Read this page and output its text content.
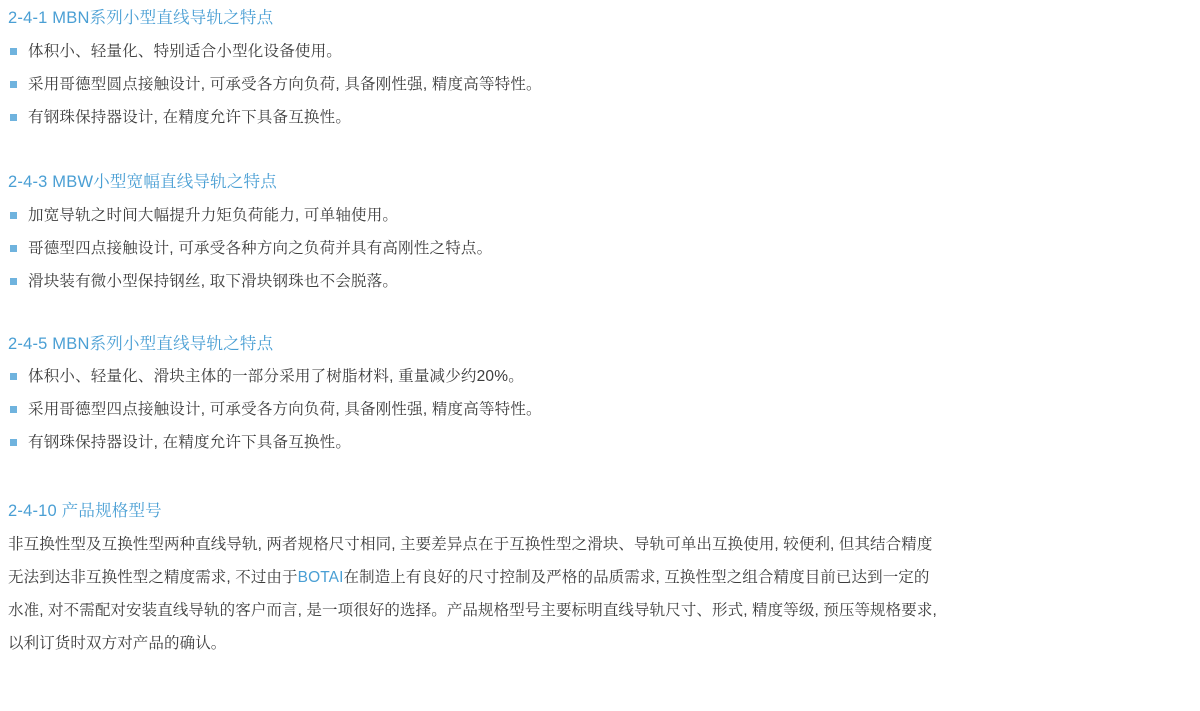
2-4-1 MBN系列小型直线导轨之特点
体积小、轻量化、特别适合小型化设备使用。
采用哥德型圆点接触设计, 可承受各方向负荷, 具备刚性强, 精度高等特性。
有钢珠保持器设计, 在精度允许下具备互换性。
2-4-3 MBW小型宽幅直线导轨之特点
加宽导轨之时间大幅提升力矩负荷能力, 可单轴使用。
哥德型四点接触设计, 可承受各种方向之负荷并具有高刚性之特点。
滑块装有微小型保持钢丝, 取下滑块钢珠也不会脱落。
2-4-5 MBN系列小型直线导轨之特点
体积小、轻量化、滑块主体的一部分采用了树脂材料, 重量减少约20%。
采用哥德型四点接触设计, 可承受各方向负荷, 具备刚性强, 精度高等特性。
有钢珠保持器设计, 在精度允许下具备互换性。
2-4-10 产品规格型号
非互换性型及互换性型两种直线导轨, 两者规格尺寸相同, 主要差异点在于互换性型之滑块、导轨可单出互换使用, 较便利, 但其结合精度
无法到达非互换性型之精度需求, 不过由于BOTAI在制造上有良好的尺寸控制及严格的品质需求, 互换性型之组合精度目前已达到一定的
水准, 对不需配对安装直线导轨的客户而言, 是一项很好的选择。产品规格型号主要标明直线导轨尺寸、形式, 精度等级, 预压等规格要求,
以利订货时双方对产品的确认。
